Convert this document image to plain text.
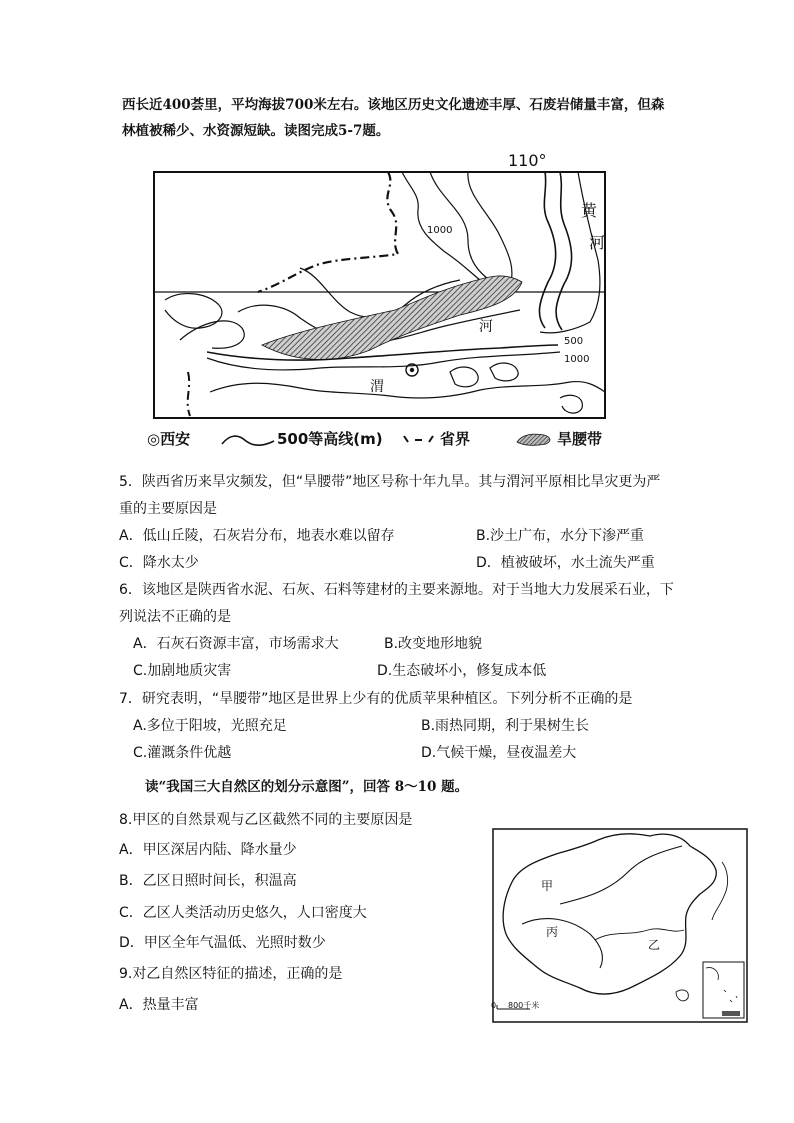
西长近400荟里，平均海拔700米左右。该地区历史文化遗迹丰厚、石废岩储量丰富，但森
林植被稀少、水资源短缺。读图完成5-7题。
110°
黄
河
1000
河
渭
500
1000
◎西安	500等高线(m)	省界	旱腰带
5．陕西省历来旱灾频发，但“旱腰带”地区号称十年九旱。其与渭河平原相比旱灾更为严
重的主要原因是
A．低山丘陵，石灰岩分布，地表水难以留存	B.沙土广布，水分下渗严重
C．降水太少	D．植被破坏，水土流失严重
6．该地区是陕西省水泥、石灰、石料等建材的主要来源地。对于当地大力发展采石业，下
列说法不正确的是
A．石灰石资源丰富，市场需求大	B.改变地形地貌
C.加剧地质灾害	D.生态破坏小，修复成本低
7．研究表明，“旱腰带”地区是世界上少有的优质苹果种植区。下列分析不正确的是
A.多位于阳坡，光照充足	B.雨热同期，利于果树生长
C.灌溉条件优越	D.气候干燥，昼夜温差大
读“我国三大自然区的划分示意图”，回答 8～10 题。
8.甲区的自然景观与乙区截然不同的主要原因是
A．甲区深居内陆、降水量少
B．乙区日照时间长，积温高
C．乙区人类活动历史悠久，人口密度大
D．甲区全年气温低、光照时数少
9.对乙自然区特征的描述，正确的是
A．热量丰富
甲
丙
乙
0 800千米
